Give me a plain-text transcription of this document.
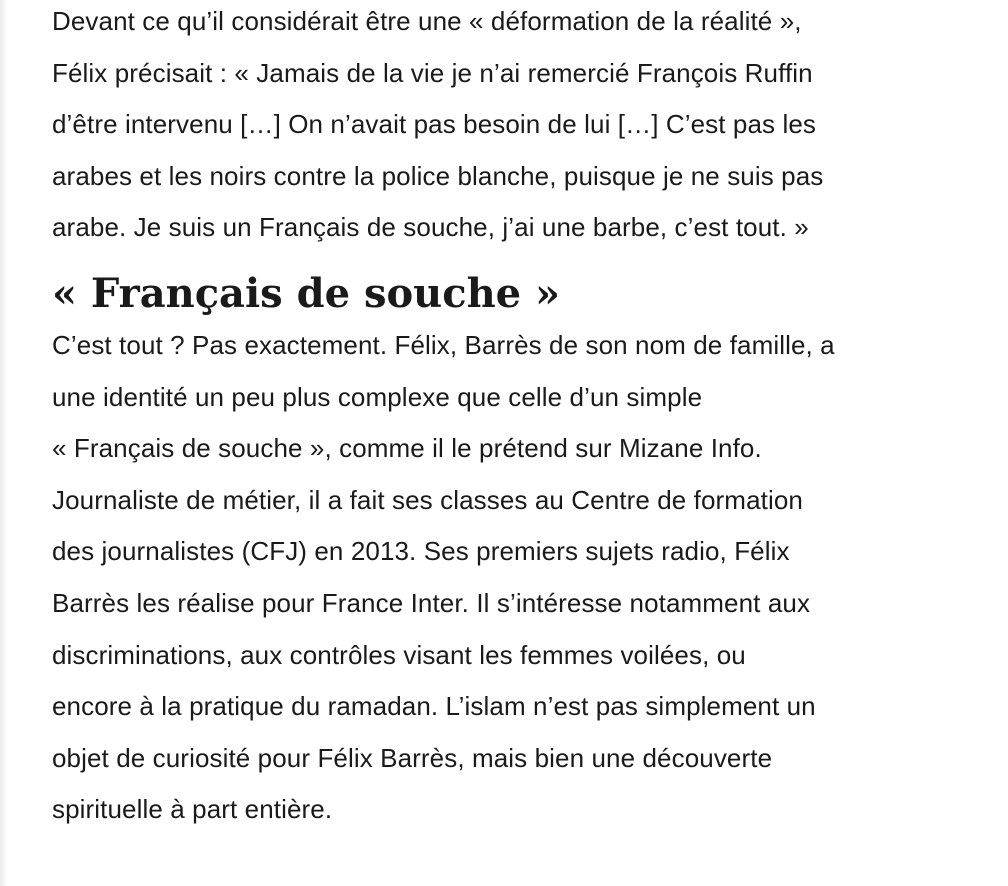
Devant ce qu’il considérait être une « déformation de la réalité »,
Félix précisait : « Jamais de la vie je n’ai remercié François Ruffin
d’être intervenu […] On n’avait pas besoin de lui […] C’est pas les
arabes et les noirs contre la police blanche, puisque je ne suis pas
arabe. Je suis un Français de souche, j’ai une barbe, c’est tout. »

« Français de souche »

C’est tout ? Pas exactement. Félix, Barrès de son nom de famille, a
une identité un peu plus complexe que celle d’un simple
« Français de souche », comme il le prétend sur Mizane Info.
Journaliste de métier, il a fait ses classes au Centre de formation
des journalistes (CFJ) en 2013. Ses premiers sujets radio, Félix
Barrès les réalise pour France Inter. Il s’intéresse notamment aux
discriminations, aux contrôles visant les femmes voilées, ou
encore à la pratique du ramadan. L’islam n’est pas simplement un
objet de curiosité pour Félix Barrès, mais bien une découverte
spirituelle à part entière.
